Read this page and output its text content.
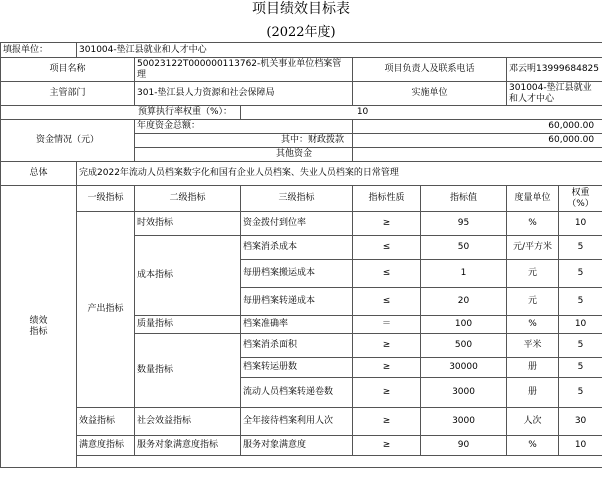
项目绩效目标表
(2022年度)
填报单位：	301004-垫江县就业和人才中心						
项目名称		50023122T000000113762-机关事业单位档案管理		项目负责人及联系电话		邓云明13999684825	
主管部门		301-垫江县人力资源和社会保障局		实施单位		301004-垫江县就业和人才中心	
预算执行率权重（%）：			10				
资金情况（元）		年度资金总额：		60,000.00			
		其中：财政拨款		60,000.00			
		其他资金					
总体	完成2022年流动人员档案数字化和国有企业人员档案、失业人员档案的日常管理						
绩效指标	一级指标	二级指标	三级指标	指标性质	指标值	度量单位	权重（%）
	产出指标	时效指标	资金拨付到位率	≥	95	%	10
		成本指标	档案消杀成本	≤	50	元/平方米	5
			每册档案搬运成本	≤	1	元	5
			每册档案转递成本	≤	20	元	5
		质量指标	档案准确率	＝	100	%	10
		数量指标	档案消杀面积	≥	500	平米	5
			档案转运册数	≥	30000	册	5
			流动人员档案转递卷数	≥	3000	册	5
	效益指标	社会效益指标	全年接待档案利用人次	≥	3000	人次	30
	满意度指标	服务对象满意度指标	服务对象满意度	≥	90	%	10
